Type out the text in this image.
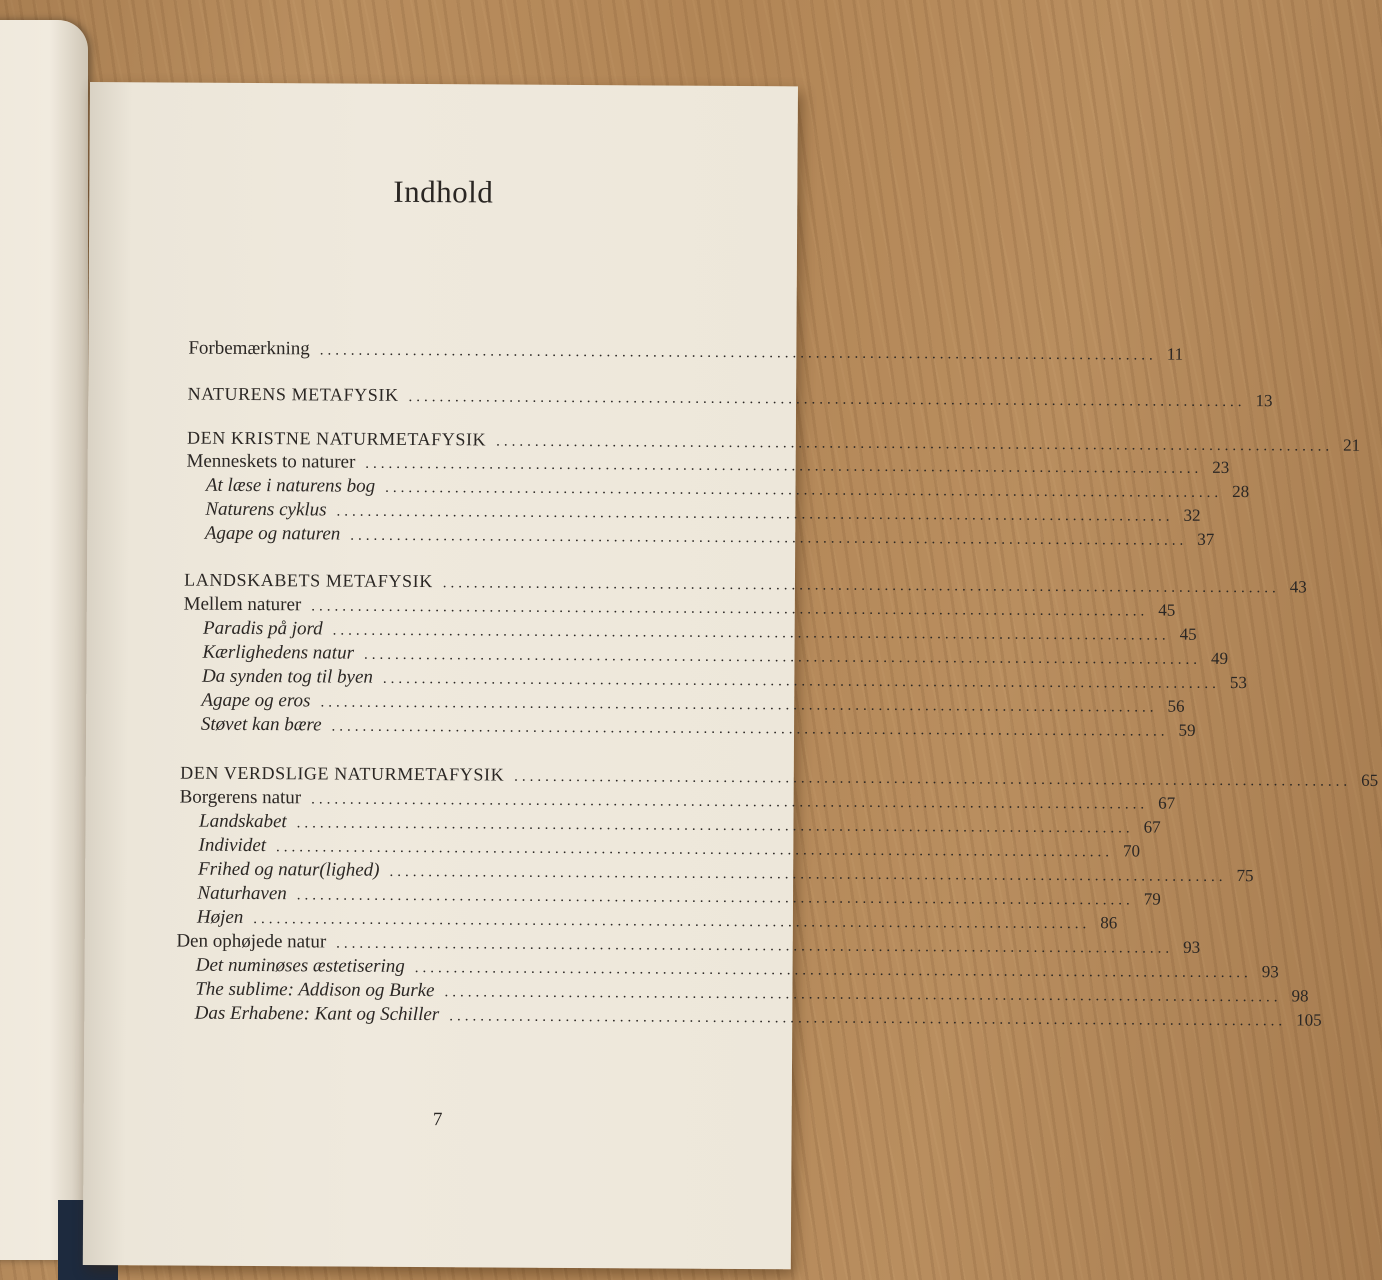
Indhold
Forbemærkning ............................................................................................................ 11
NATURENS METAFYSIK ............................................................................................................ 13
DEN KRISTNE NATURMETAFYSIK ............................................................................................................ 21
Menneskets to naturer ............................................................................................................ 23
At læse i naturens bog ............................................................................................................ 28
Naturens cyklus ............................................................................................................ 32
Agape og naturen ............................................................................................................ 37
LANDSKABETS METAFYSIK ............................................................................................................ 43
Mellem naturer ............................................................................................................ 45
Paradis på jord ............................................................................................................ 45
Kærlighedens natur ............................................................................................................ 49
Da synden tog til byen ............................................................................................................ 53
Agape og eros ............................................................................................................ 56
Støvet kan bære ............................................................................................................ 59
DEN VERDSLIGE NATURMETAFYSIK ............................................................................................................ 65
Borgerens natur ............................................................................................................ 67
Landskabet ............................................................................................................ 67
Individet ............................................................................................................ 70
Frihed og natur(lighed) ............................................................................................................ 75
Naturhaven ............................................................................................................ 79
Højen ............................................................................................................ 86
Den ophøjede natur ............................................................................................................ 93
Det numinøses æstetisering ............................................................................................................ 93
The sublime: Addison og Burke ............................................................................................................ 98
Das Erhabene: Kant og Schiller ............................................................................................................ 105
7
